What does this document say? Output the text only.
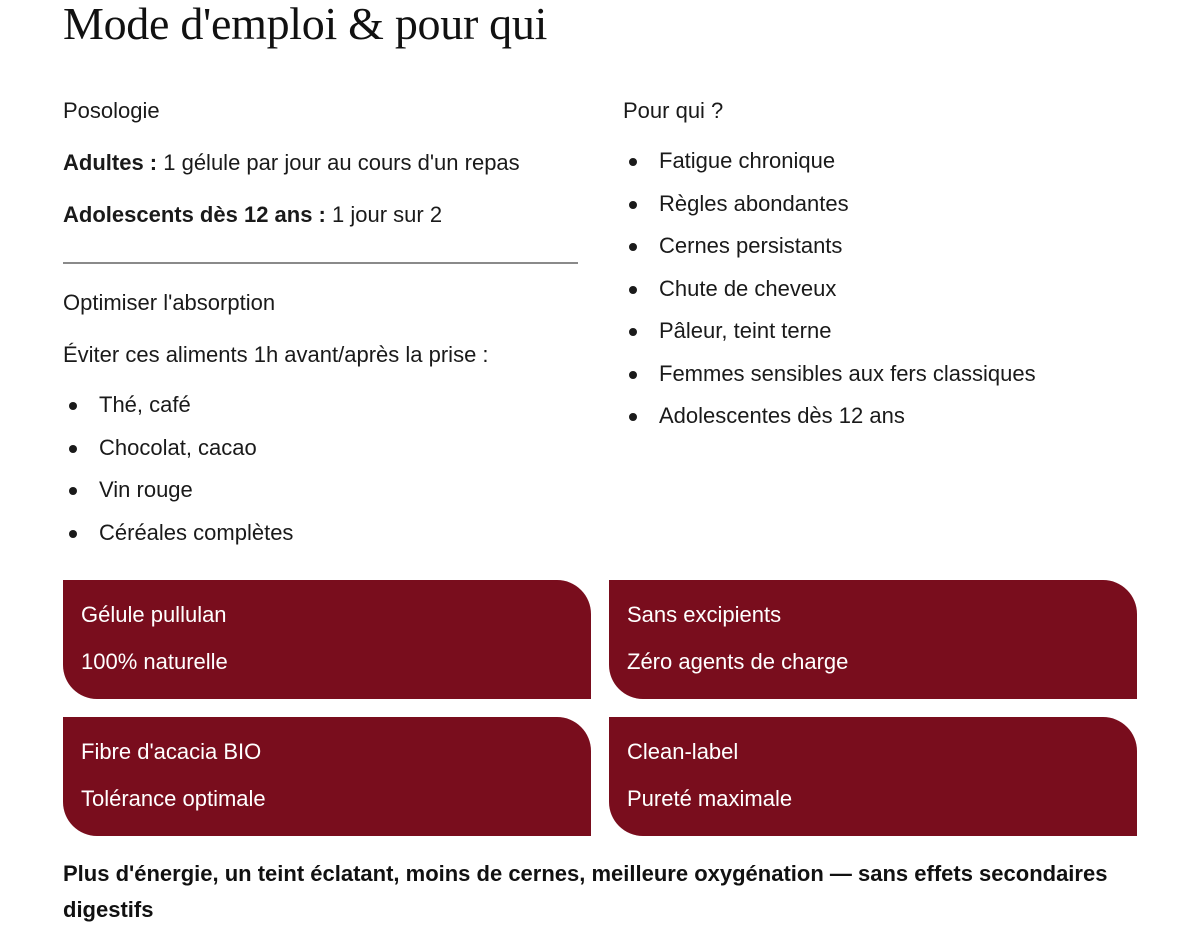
Mode d'emploi & pour qui

Posologie

Adultes : 1 gélule par jour au cours d'un repas

Adolescents dès 12 ans : 1 jour sur 2

Optimiser l'absorption

Éviter ces aliments 1h avant/après la prise :

Thé, café
Chocolat, cacao
Vin rouge
Céréales complètes

Pour qui ?

Fatigue chronique
Règles abondantes
Cernes persistants
Chute de cheveux
Pâleur, teint terne
Femmes sensibles aux fers classiques
Adolescentes dès 12 ans

Gélule pullulan

100% naturelle

Sans excipients

Zéro agents de charge

Fibre d'acacia BIO

Tolérance optimale

Clean-label

Pureté maximale

Plus d'énergie, un teint éclatant, moins de cernes, meilleure oxygénation — sans effets secondaires digestifs
